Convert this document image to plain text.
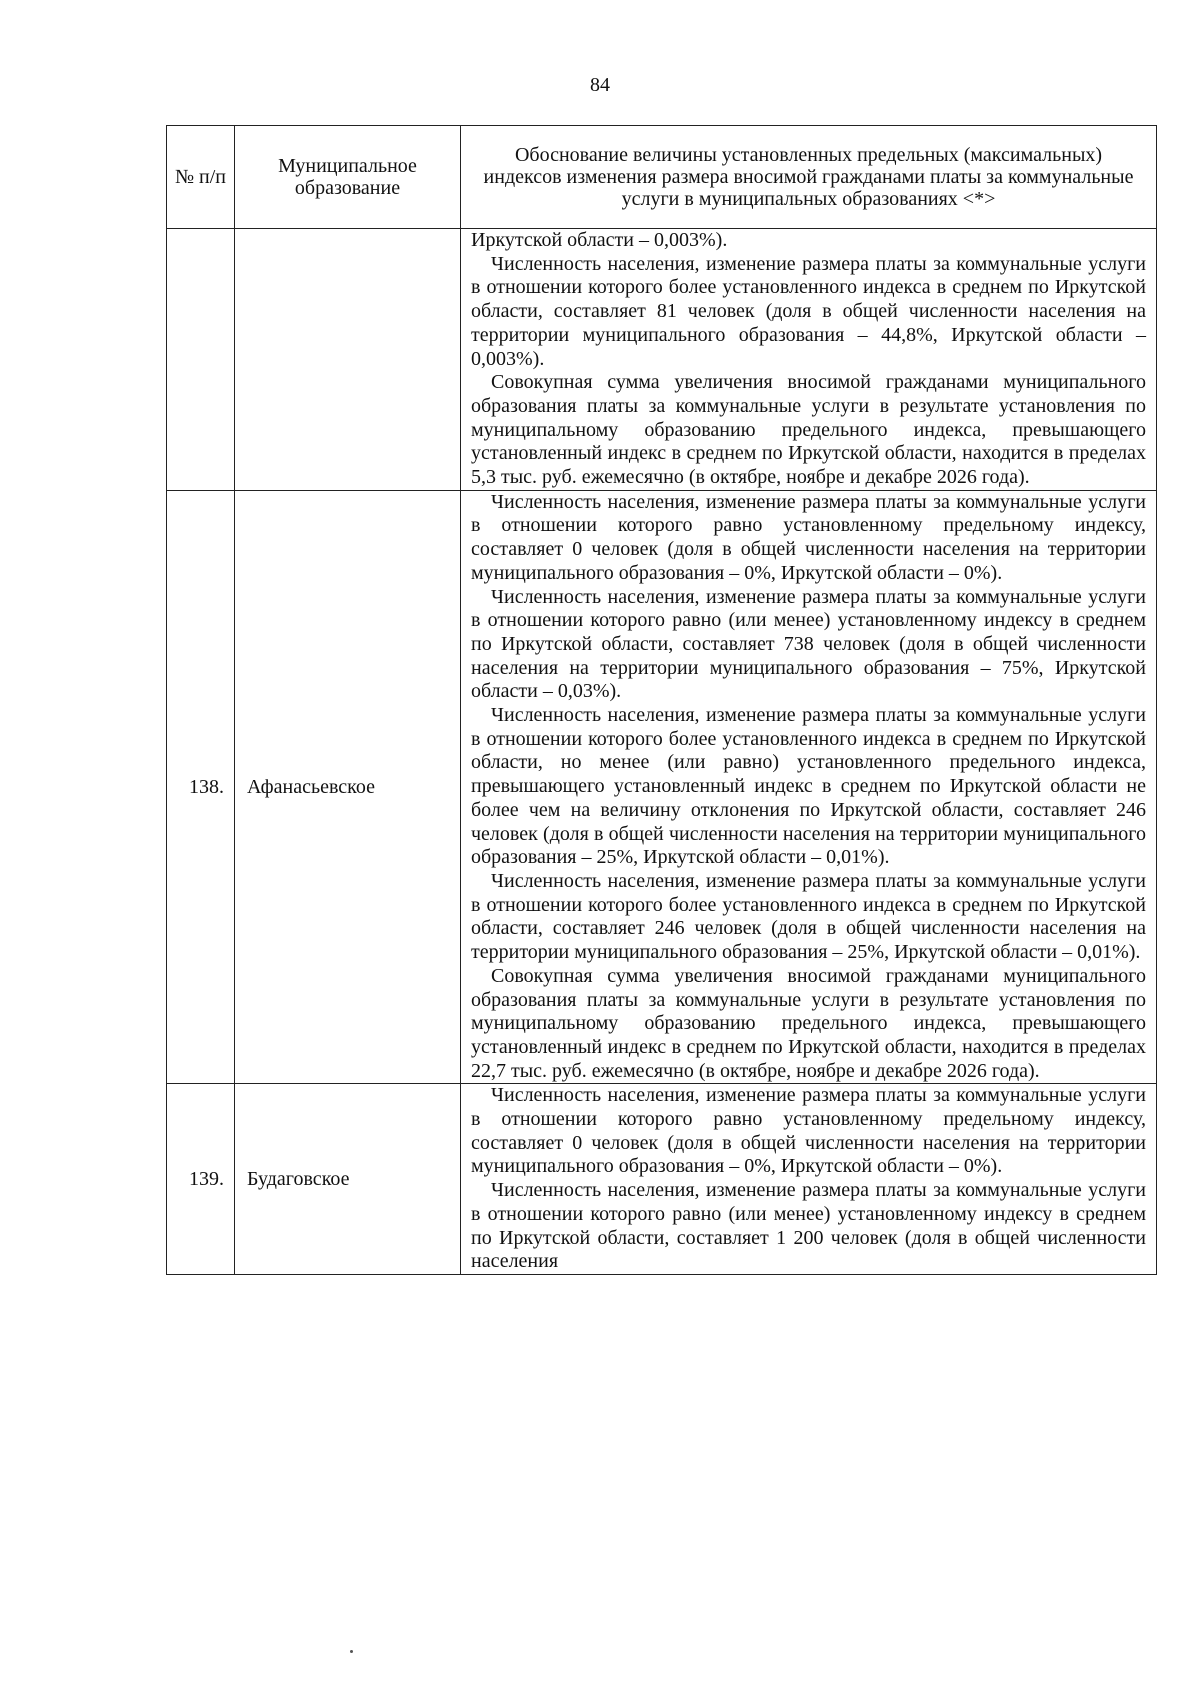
84
№ п/п	Муниципальное образование	Обоснование величины установленных предельных (максимальных) индексов изменения размера вносимой гражданами платы за коммунальные услуги в муниципальных образованиях <*>

		Иркутской области – 0,003%).

Численность населения, изменение размера платы за коммунальные услуги в отношении которого более установленного индекса в среднем по Иркутской области, составляет 81 человек (доля в общей численности населения на территории муниципального образования – 44,8%, Иркутской области – 0,003%).

Совокупная сумма увеличения вносимой гражданами муниципального образования платы за коммунальные услуги в результате установления по муниципальному образованию предельного индекса, превышающего установленный индекс в среднем по Иркутской области, находится в пределах 5,3 тыс. руб. ежемесячно (в октябре, ноябре и декабре 2026 года).

138.	Афанасьевское	Численность населения, изменение размера платы за коммунальные услуги в отношении которого равно установленному предельному индексу, составляет 0 человек (доля в общей численности населения на территории муниципального образования – 0%, Иркутской области – 0%).

Численность населения, изменение размера платы за коммунальные услуги в отношении которого равно (или менее) установленному индексу в среднем по Иркутской области, составляет 738 человек (доля в общей численности населения на территории муниципального образования – 75%, Иркутской области – 0,03%).

Численность населения, изменение размера платы за коммунальные услуги в отношении которого более установленного индекса в среднем по Иркутской области, но менее (или равно) установленного предельного индекса, превышающего установленный индекс в среднем по Иркутской области не более чем на величину отклонения по Иркутской области, составляет 246 человек (доля в общей численности населения на территории муниципального образования – 25%, Иркутской области – 0,01%).

Численность населения, изменение размера платы за коммунальные услуги в отношении которого более установленного индекса в среднем по Иркутской области, составляет 246 человек (доля в общей численности населения на территории муниципального образования – 25%, Иркутской области – 0,01%).

Совокупная сумма увеличения вносимой гражданами муниципального образования платы за коммунальные услуги в результате установления по муниципальному образованию предельного индекса, превышающего установленный индекс в среднем по Иркутской области, находится в пределах 22,7 тыс. руб. ежемесячно (в октябре, ноябре и декабре 2026 года).

139.	Будаговское	Численность населения, изменение размера платы за коммунальные услуги в отношении которого равно установленному предельному индексу, составляет 0 человек (доля в общей численности населения на территории муниципального образования – 0%, Иркутской области – 0%).

Численность населения, изменение размера платы за коммунальные услуги в отношении которого равно (или менее) установленному индексу в среднем по Иркутской области, составляет 1 200 человек (доля в общей численности населения
